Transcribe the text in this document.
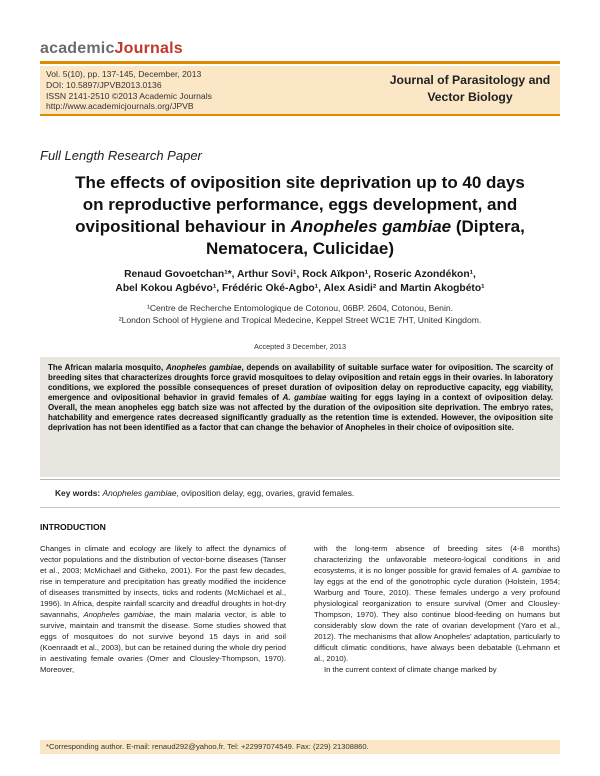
academicJournals
Vol. 5(10), pp. 137-145, December, 2013
DOI: 10.5897/JPVB2013.0136
ISSN 2141-2510 ©2013 Academic Journals
http://www.academicjournals.org/JPVB
Journal of Parasitology and
Vector Biology
Full Length Research Paper
The effects of oviposition site deprivation up to 40 days
on reproductive performance, eggs development, and
ovipositional behaviour in Anopheles gambiae (Diptera,
Nematocera, Culicidae)
Renaud Govoetchan¹*, Arthur Sovi¹, Rock Aïkpon¹, Roseric Azondékon¹,
Abel Kokou Agbévo¹, Frédéric Oké-Agbo¹, Alex Asidi² and Martin Akogbéto¹
¹Centre de Recherche Entomologique de Cotonou, 06BP. 2604, Cotonou, Benin.
²London School of Hygiene and Tropical Medecine, Keppel Street WC1E 7HT, United Kingdom.
Accepted 3 December, 2013
The African malaria mosquito, Anopheles gambiae, depends on availability of suitable surface water for oviposition. The scarcity of breeding sites that characterizes droughts force gravid mosquitoes to delay oviposition and retain eggs in their ovaries. In laboratory conditions, we explored the possible consequences of preset duration of oviposition delay on reproductive capacity, egg viability, emergence and ovipositional behavior in gravid females of A. gambiae waiting for eggs laying in a context of oviposition delay. Overall, the mean anopheles egg batch size was not affected by the duration of the oviposition site deprivation. The embryo rates, hatchability and emergence rates decreased significantly gradually as the retention time is extended. However, the oviposition site deprivation has not been identified as a factor that can change the behavior of Anopheles in their choice of oviposition site.
Key words: Anopheles gambiae, oviposition delay, egg, ovaries, gravid females.
INTRODUCTION

Changes in climate and ecology are likely to affect the dynamics of vector populations and the distribution of vector-borne diseases (Tanser et al., 2003; McMichael and Githeko, 2001). For the past few decades, rise in temperature and precipitation has greatly modified the incidence of diseases transmitted by insects, ticks and rodents (McMichael et al., 1996). In Africa, despite rainfall scarcity and dreadful droughts in hot-dry savannahs, Anopheles gambiae, the main malaria vector, is able to survive, maintain and transmit the disease. Some studies showed that eggs of mosquitoes do not survive beyond 15 days in arid soil (Koenraadt et al., 2003), but can be retained during the whole dry period in aestivating female ovaries (Omer and Clousley-Thompson, 1970). Moreover,

with the long-term absence of breeding sites (4-8 months) characterizing the unfavorable meteoro-logical conditions in arid ecosystems, it is no longer possible for gravid females of A. gambiae to lay eggs at the end of the gonotrophic cycle duration (Holstein, 1954; Warburg and Toure, 2010). These females undergo a very profound physiological reorganization to ensure survival (Omer and Clousley-Thompson, 1970). They also continue blood-feeding on humans but considerably slow down the rate of ovarian development (Yaro et al., 2012). The mechanisms that allow Anopheles’ adaptation, particularly to difficult climatic conditions, have always been debatable (Lehmann et al., 2010).

In the current context of climate change marked by

*Corresponding author. E-mail: renaud292@yahoo.fr. Tel: +22997074549. Fax: (229) 21308860.
